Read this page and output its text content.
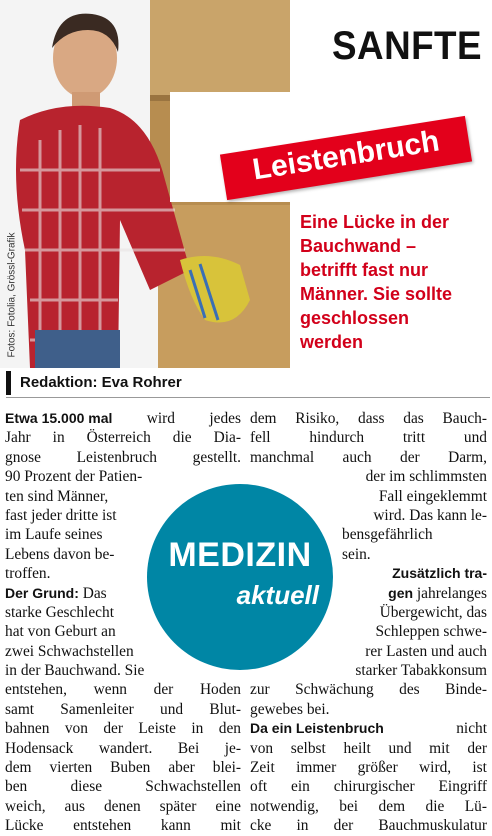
Fotos: Fotolia, Grössl-Grafik
SANFTE
Leistenbruch
Eine Lücke in der
Bauchwand –
betrifft fast nur
Männer. Sie sollte
geschlossen
werden
Redaktion: Eva Rohrer
Etwa 15.000 mal wird jedes
Jahr in Österreich die Dia-
gnose Leistenbruch gestellt.
90 Prozent der Patien-
ten sind Männer,
fast jeder dritte ist
im Laufe seines
Lebens davon be-
troffen.
Der Grund: Das
starke Geschlecht
hat von Geburt an
zwei Schwachstellen
in der Bauchwand. Sie
entstehen, wenn der Hoden
samt Samenleiter und Blut-
bahnen von der Leiste in den
Hodensack wandert. Bei je-
dem vierten Buben aber blei-
ben	diese	Schwachstellen
weich, aus denen später eine
Lücke entstehen kann mit
dem Risiko, dass das Bauch-
fell	hindurch	tritt	und
manchmal auch der Darm,
der im schlimmsten
Fall eingeklemmt
wird. Das kann le-
bensgefährlich
sein.
Zusätzlich tra-
gen jahrelanges
Übergewicht, das
Schleppen schwe-
rer Lasten und auch
starker Tabakkonsum
zur Schwächung des Binde-
gewebes bei.
Da ein Leistenbruch	nicht
von selbst heilt und mit der
Zeit immer größer wird, ist
oft ein chirurgischer Eingriff
notwendig, bei dem die Lü-
cke in der Bauchmuskulatur
MEDIZIN
aktuell
